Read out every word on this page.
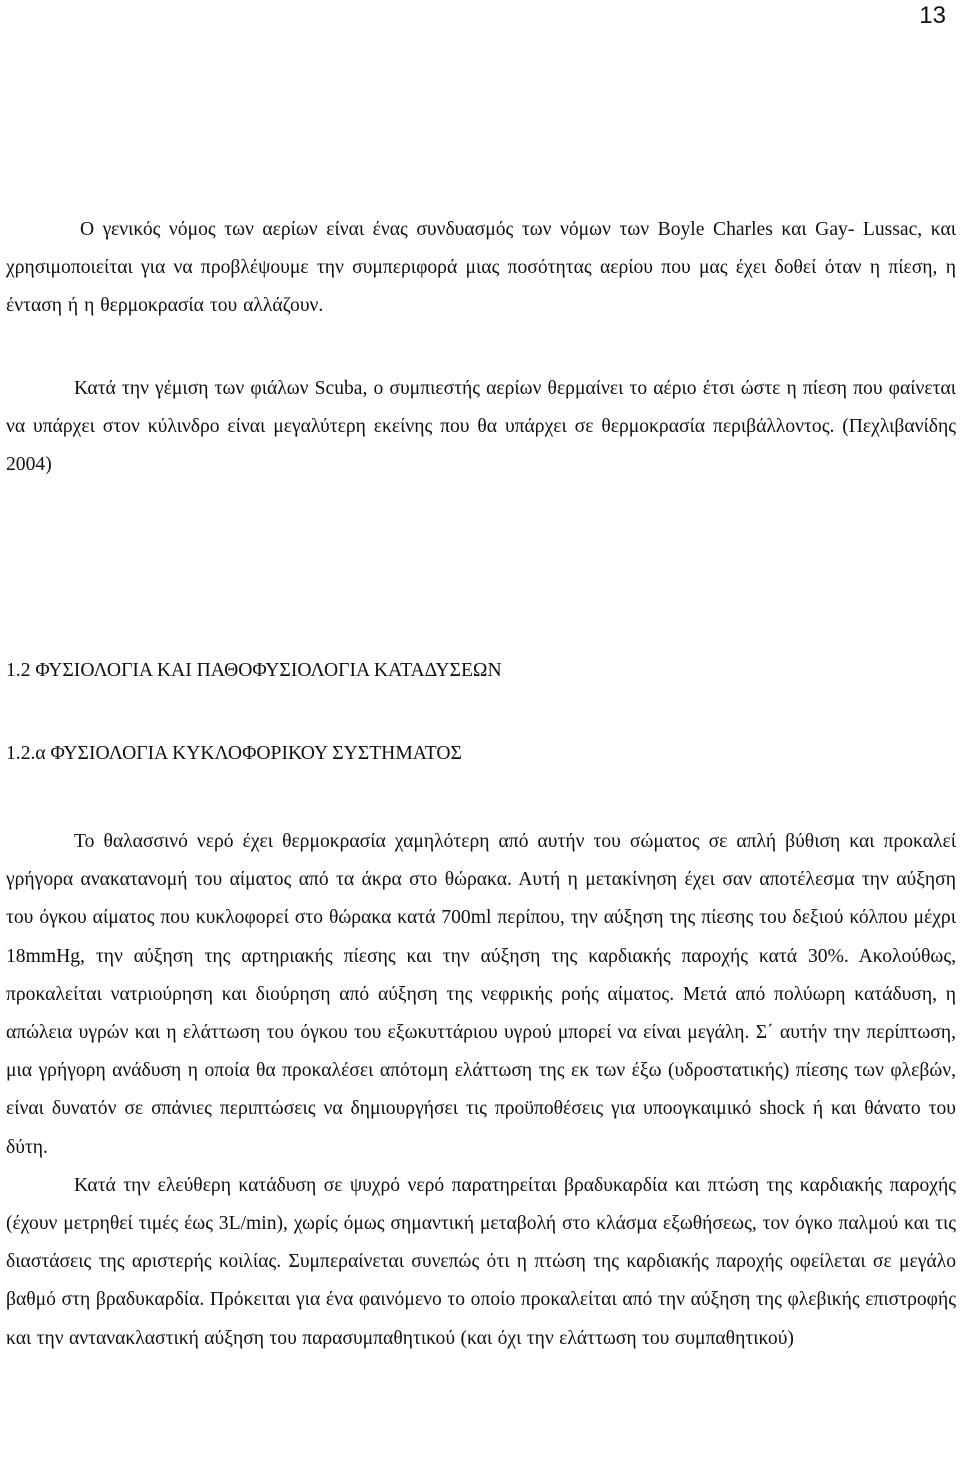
13

Ο γενικός νόμος των αερίων είναι ένας συνδυασμός των νόμων των Boyle Charles και Gay- Lussac, και χρησιμοποιείται για να προβλέψουμε την συμπεριφορά μιας ποσότητας αερίου που μας έχει δοθεί όταν η πίεση, η ένταση ή η θερμοκρασία του αλλάζουν.

Κατά την γέμιση των φιάλων Scuba, ο συμπιεστής αερίων θερμαίνει το αέριο έτσι ώστε η πίεση που φαίνεται να υπάρχει στον κύλινδρο είναι μεγαλύτερη εκείνης που θα υπάρχει σε θερμοκρασία περιβάλλοντος. (Πεχλιβανίδης 2004)

1.2 ΦΥΣΙΟΛΟΓΙΑ ΚΑΙ ΠΑΘΟΦΥΣΙΟΛΟΓΙΑ ΚΑΤΑΔΥΣΕΩΝ
1.2.α ΦΥΣΙΟΛΟΓΙΑ ΚΥΚΛΟΦΟΡΙΚΟΥ ΣΥΣΤΗΜΑΤΟΣ
Το θαλασσινό νερό έχει θερμοκρασία χαμηλότερη από αυτήν του σώματος σε απλή βύθιση και προκαλεί γρήγορα ανακατανομή του αίματος από τα άκρα στο θώρακα. Αυτή η μετακίνηση έχει σαν αποτέλεσμα την αύξηση του όγκου αίματος που κυκλοφορεί στο θώρακα κατά 700ml περίπου, την αύξηση της πίεσης του δεξιού κόλπου μέχρι 18mmHg, την αύξηση της αρτηριακής πίεσης και την αύξηση της καρδιακής παροχής κατά 30%. Ακολούθως, προκαλείται νατριούρηση και διούρηση από αύξηση της νεφρικής ροής αίματος. Μετά από πολύωρη κατάδυση, η απώλεια υγρών και η ελάττωση του όγκου του εξωκυττάριου υγρού μπορεί να είναι μεγάλη. Σ΄ αυτήν την περίπτωση, μια γρήγορη ανάδυση η οποία θα προκαλέσει απότομη ελάττωση της εκ των έξω (υδροστατικής) πίεσης των φλεβών, είναι δυνατόν σε σπάνιες περιπτώσεις να δημιουργήσει τις προϋποθέσεις για υποογκαιμικό shock ή και θάνατο του δύτη.
Κατά την ελεύθερη κατάδυση σε ψυχρό νερό παρατηρείται βραδυκαρδία και πτώση της καρδιακής παροχής (έχουν μετρηθεί τιμές έως 3L/min), χωρίς όμως σημαντική μεταβολή στο κλάσμα εξωθήσεως, τον όγκο παλμού και τις διαστάσεις της αριστερής κοιλίας. Συμπεραίνεται συνεπώς ότι η πτώση της καρδιακής παροχής οφείλεται σε μεγάλο βαθμό στη βραδυκαρδία. Πρόκειται για ένα φαινόμενο το οποίο προκαλείται από την αύξηση της φλεβικής επιστροφής και την αντανακλαστική αύξηση του παρασυμπαθητικού (και όχι την ελάττωση του συμπαθητικού)
